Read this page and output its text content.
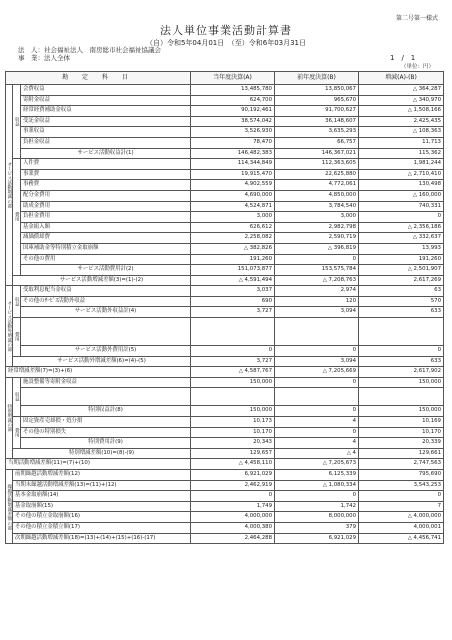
第二号第一様式
法人単位事業活動計算書
（自）令和5年04月01日　（至）令和6年03月31日
法　人：社会福祉法人　南房総市社会福祉協議会
事　業：法人全体	1　/　1
（単位：円）
勘 定 科 目			当年度決算(A)	前年度決算(B)	増減(A)-(B)
サービス活動増減の部	収益	会費収益	13,485,780	13,850,067	△ 364,287
		寄附金収益	624,700	965,670	△ 340,970
		経常経費補助金収益	90,192,461	91,700,627	△ 1,508,166
		受託金収益	38,574,042	36,148,607	2,425,435
		事業収益	3,526,930	3,635,293	△ 108,363
		負担金収益	78,470	66,757	11,713
		サービス活動収益計(1)	146,482,383	146,367,021	115,362
	費用	人件費	114,344,849	112,363,605	1,981,244
		事業費	19,915,470	22,625,880	△ 2,710,410
		事務費	4,902,559	4,772,061	130,498
		配分金費用	4,690,000	4,850,000	△ 160,000
		助成金費用	4,524,871	3,784,540	740,331
		負担金費用	3,000	3,000	0
		基金組入額	626,612	2,982,798	△ 2,356,186
		減価償却費	2,258,082	2,590,719	△ 332,637
		国庫補助金等特別積立金取崩額	△ 382,826	△ 396,819	13,993
		その他の費用	191,260	0	191,260
		サービス活動費用計(2)	151,073,877	153,575,784	△ 2,501,907
	サービス活動増減差額(3)=(1)-(2)		△ 4,591,494	△ 7,208,763	2,617,269
サービス活動外増減の部	収益	受取利息配当金収益	3,037	2,974	63
		その他のｻｰﾋﾞｽ活動外収益	690	120	570
		サービス活動外収益計(4)	3,727	3,094	633
	費用				
		サービス活動外費用計(5)	0	0	0
	サービス活動外増減差額(6)=(4)-(5)		3,727	3,094	633
経常増減差額(7)=(3)+(6)			△ 4,587,767	△ 7,205,669	2,617,902
特別増減の部	収益	施設整備等寄附金収益	150,000	0	150,000

		特別収益計(8)	150,000	0	150,000
	費用	固定資産売却損・処分損	10,173	4	10,169
		その他の特別損失	10,170	0	10,170
		特別費用計(9)	20,343	4	20,339
	特別増減差額(10)=(8)-(9)		129,657	△ 4	129,661
当期活動増減差額(11)=(7)+(10)			△ 4,458,110	△ 7,205,673	2,747,563
繰越活動増減差額の部	前期繰越活動増減差額(12)		6,921,029	6,125,339	795,690
	当期末繰越活動増減差額(13)=(11)+(12)		2,462,919	△ 1,080,334	3,543,253
	基本金取崩額(14)		0	0	0
	基金取崩額(15)		1,749	1,742	7
	その他の積立金取崩額(16)		4,000,000	8,000,000	△ 4,000,000
	その他の積立金積立額(17)		4,000,380	379	4,000,001
	次期繰越活動増減差額(18)=(13)+(14)+(15)+(16)-(17)		2,464,288	6,921,029	△ 4,456,741
